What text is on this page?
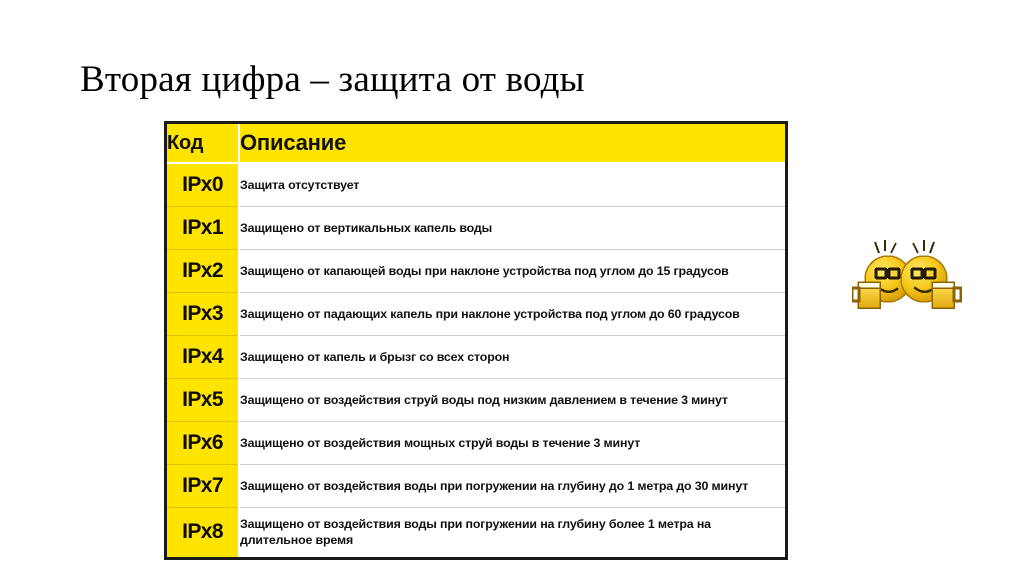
Вторая цифра – защита от воды
Код	Описание
IPx0	Защита отсутствует
IPx1	Защищено от вертикальных капель воды
IPx2	Защищено от капающей воды при наклоне устройства под углом до 15 градусов
IPx3	Защищено от падающих капель при наклоне устройства под углом до 60 градусов
IPx4	Защищено от капель и брызг со всех сторон
IPx5	Защищено от воздействия струй воды под низким давлением в течение 3 минут
IPx6	Защищено от воздействия мощных струй воды в течение 3 минут
IPx7	Защищено от воздействия воды при погружении на глубину до 1 метра до 30 минут
IPx8	Защищено от воздействия воды при погружении на глубину более 1 метра на длительное время
